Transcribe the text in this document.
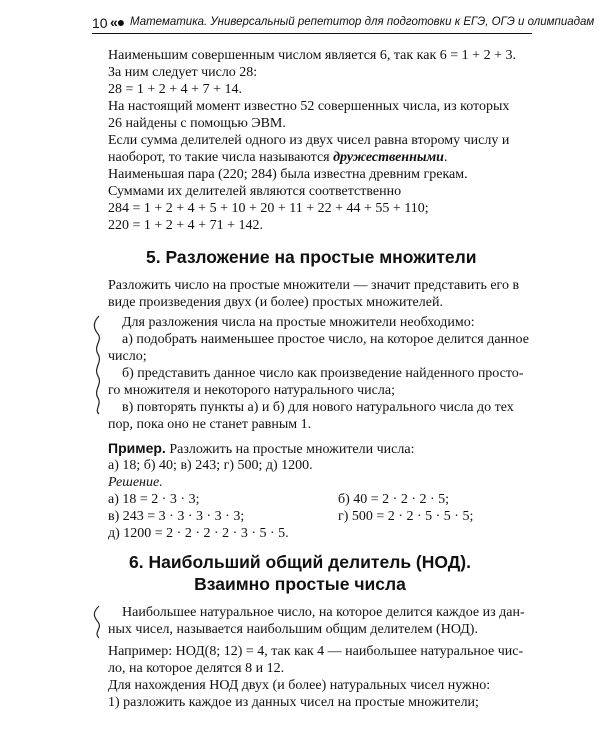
10 «● Математика. Универсальный репетитор для подготовки к ЕГЭ, ОГЭ и олимпиадам
Наименьшим совершенным числом является 6, так как 6 = 1 + 2 + 3.
За ним следует число 28:
28 = 1 + 2 + 4 + 7 + 14.
На настоящий момент известно 52 совершенных числа, из которых
26 найдены с помощью ЭВМ.
Если сумма делителей одного из двух чисел равна второму числу и
наоборот, то такие числа называются дружественными.
Наименьшая пара (220; 284) была известна древним грекам.
Суммами их делителей являются соответственно
284 = 1 + 2 + 4 + 5 + 10 + 20 + 11 + 22 + 44 + 55 + 110;
220 = 1 + 2 + 4 + 71 + 142.
5. Разложение на простые множители
Разложить число на простые множители — значит представить его в
виде произведения двух (и более) простых множителей.
Для разложения числа на простые множители необходимо:
а) подобрать наименьшее простое число, на которое делится данное
число;
б) представить данное число как произведение найденного просто-
го множителя и некоторого натурального числа;
в) повторять пункты а) и б) для нового натурального числа до тех
пор, пока оно не станет равным 1.
Пример. Разложить на простые множители числа:
а) 18; б) 40; в) 243; г) 500; д) 1200.
Решение.
а) 18 = 2 · 3 · 3;	б) 40 = 2 · 2 · 2 · 5;
в) 243 = 3 · 3 · 3 · 3 · 3;	г) 500 = 2 · 2 · 5 · 5 · 5;
д) 1200 = 2 · 2 · 2 · 2 · 3 · 5 · 5.
6. Наибольший общий делитель (НОД).
Взаимно простые числа
Наибольшее натуральное число, на которое делится каждое из дан-
ных чисел, называется наибольшим общим делителем (НОД).
Например: НОД(8; 12) = 4, так как 4 — наибольшее натуральное чис-
ло, на которое делятся 8 и 12.
Для нахождения НОД двух (и более) натуральных чисел нужно:
1) разложить каждое из данных чисел на простые множители;
